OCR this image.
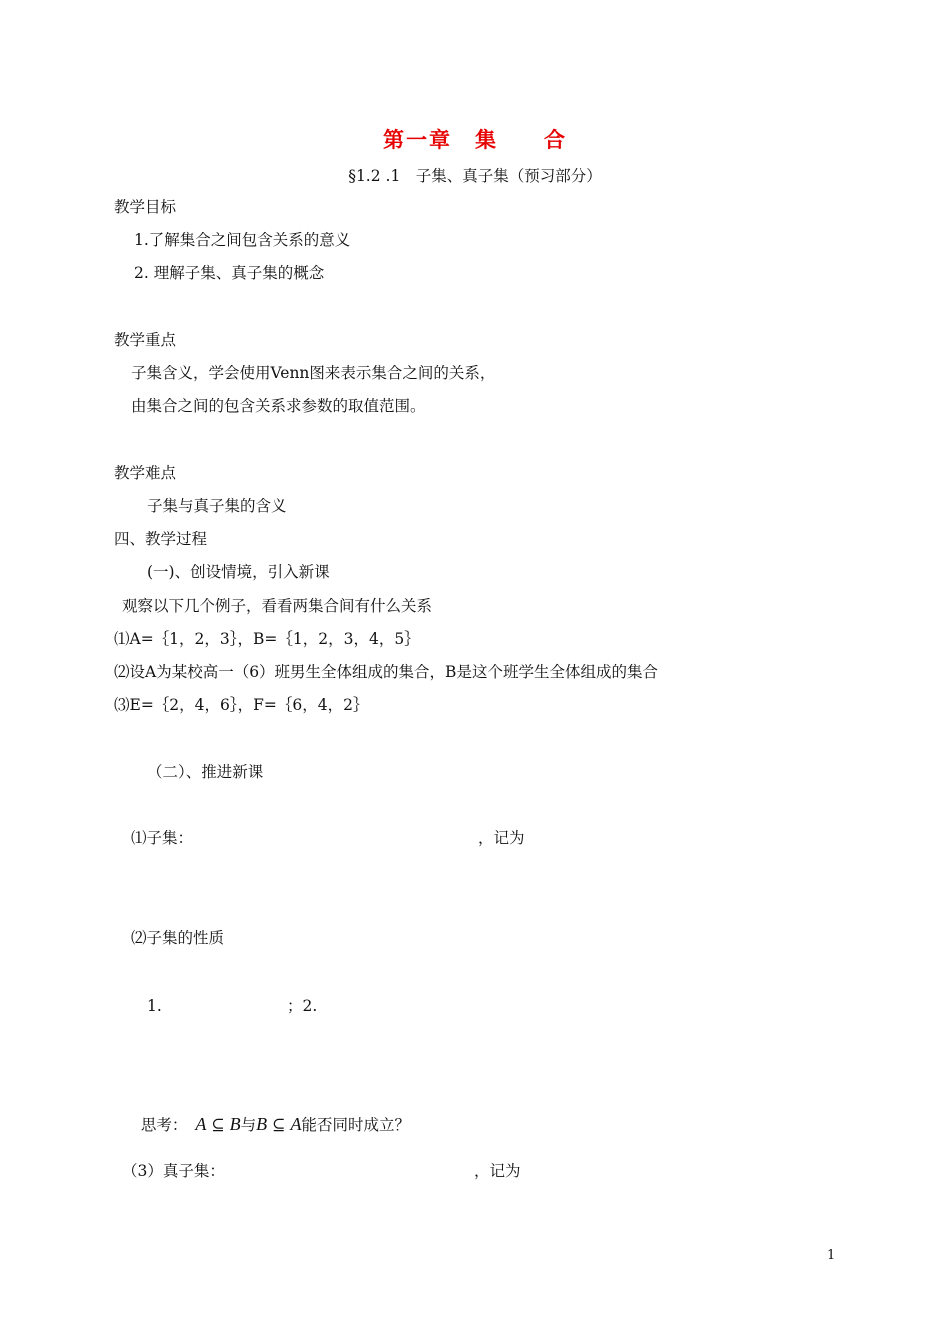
第一章　集　　合
§1.2 .1　子集、真子集（预习部分）
教学目标
1.了解集合之间包含关系的意义
2. 理解子集、真子集的概念
教学重点
子集含义，学会使用Venn图来表示集合之间的关系，
由集合之间的包含关系求参数的取值范围。
教学难点
子集与真子集的含义
四、教学过程
(一)、创设情境，引入新课
观察以下几个例子，看看两集合间有什么关系
⑴A=｛1，2，3｝，B=｛1，2，3，4，5｝
⑵设A为某校高一（6）班男生全体组成的集合，B是这个班学生全体组成的集合
⑶E=｛2，4，6｝，F=｛6，4，2｝
（二）、推进新课
⑴子集：	，记为
⑵子集的性质
1.	；2.

思考： A ⊆ B与B ⊆ A能否同时成立？

（3）真子集：	，记为
1
